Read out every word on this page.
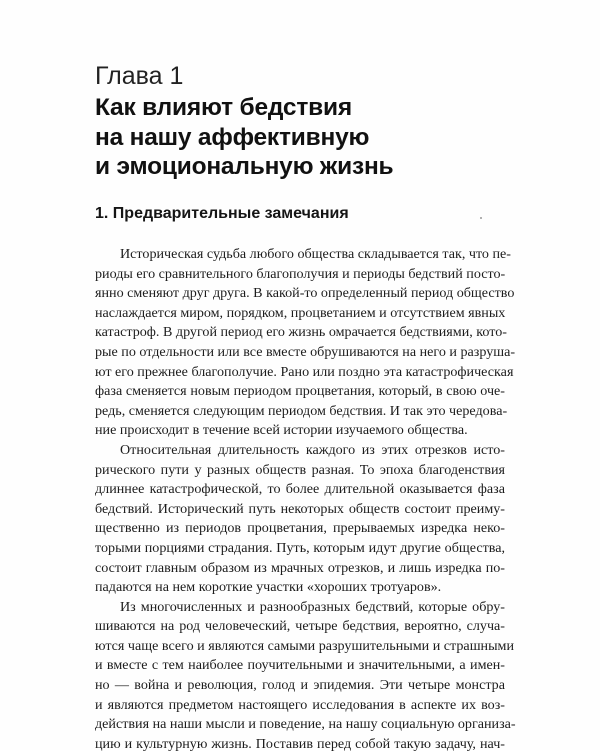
Глава 1
Как влияют бедствия
на нашу аффективную
и эмоциональную жизнь
1. Предварительные замечания
Историческая судьба любого общества складывается так, что пе-
риоды его сравнительного благополучия и периоды бедствий посто-
янно сменяют друг друга. В какой-то определенный период общество
наслаждается миром, порядком, процветанием и отсутствием явных
катастроф. В другой период его жизнь омрачается бедствиями, кото-
рые по отдельности или все вместе обрушиваются на него и разруша-
ют его прежнее благополучие. Рано или поздно эта катастрофическая
фаза сменяется новым периодом процветания, который, в свою оче-
редь, сменяется следующим периодом бедствия. И так это чередова-
ние происходит в течение всей истории изучаемого общества.
Относительная длительность каждого из этих отрезков исто-
рического пути у разных обществ разная. То эпоха благоденствия
длиннее катастрофической, то более длительной оказывается фаза
бедствий. Исторический путь некоторых обществ состоит преиму-
щественно из периодов процветания, прерываемых изредка неко-
торыми порциями страдания. Путь, которым идут другие общества,
состоит главным образом из мрачных отрезков, и лишь изредка по-
падаются на нем короткие участки «хороших тротуаров».
Из многочисленных и разнообразных бедствий, которые обру-
шиваются на род человеческий, четыре бедствия, вероятно, случа-
ются чаще всего и являются самыми разрушительными и страшными
и вместе с тем наиболее поучительными и значительными, а имен-
но — война и революция, голод и эпидемия. Эти четыре монстра
и являются предметом настоящего исследования в аспекте их воз-
действия на наши мысли и поведение, на нашу социальную организа-
цию и культурную жизнь. Поставив перед собой такую задачу, нач-
